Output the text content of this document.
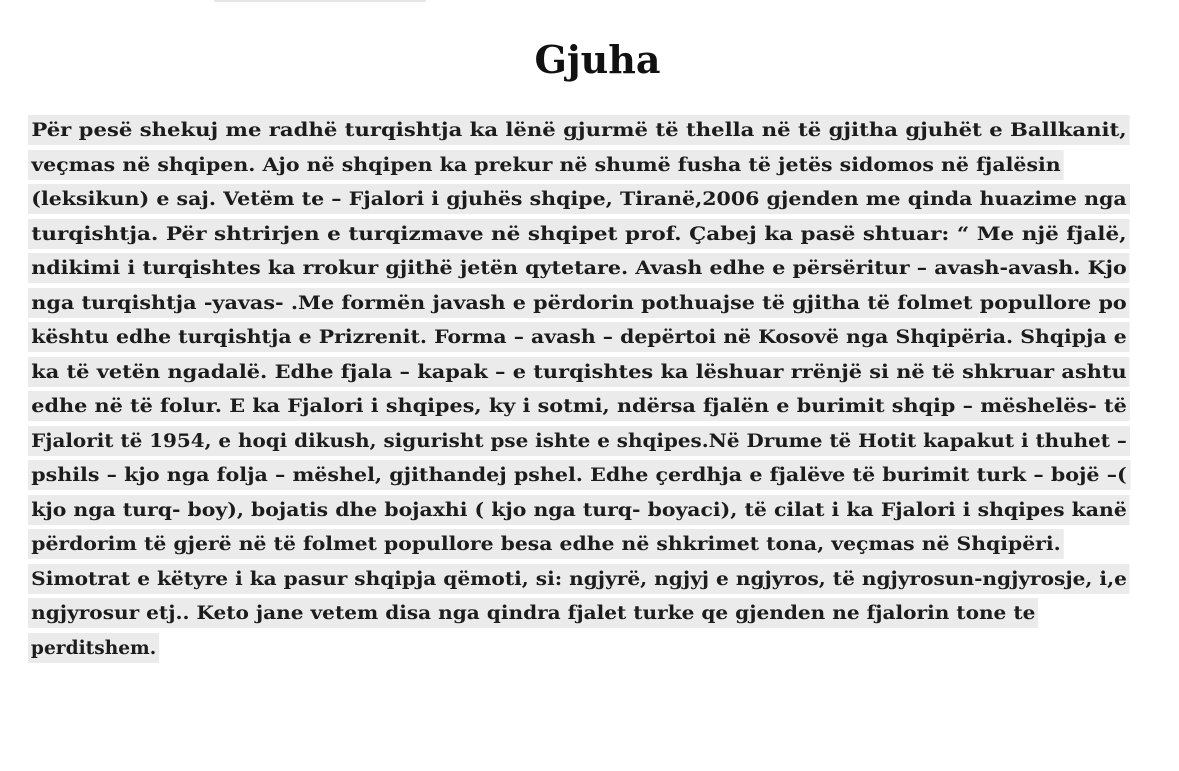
Gjuha
Për pesë shekuj me radhë turqishtja ka lënë gjurmë të thella në të gjitha gjuhët e Ballkanit,
veçmas në shqipen. Ajo në shqipen ka prekur në shumë fusha të jetës sidomos në fjalësin
(leksikun) e saj. Vetëm te – Fjalori i gjuhës shqipe, Tiranë,2006 gjenden me qinda huazime nga
turqishtja. Për shtrirjen e turqizmave në shqipet prof. Çabej ka pasë shtuar: “ Me një fjalë,
ndikimi i turqishtes ka rrokur gjithë jetën qytetare. Avash edhe e përsëritur – avash-avash. Kjo
nga turqishtja -yavas- .Me formën javash e përdorin pothuajse të gjitha të folmet popullore po
kështu edhe turqishtja e Prizrenit. Forma – avash – depërtoi në Kosovë nga Shqipëria. Shqipja e
ka të vetën ngadalë. Edhe fjala – kapak – e turqishtes ka lëshuar rrënjë si në të shkruar ashtu
edhe në të folur. E ka Fjalori i shqipes, ky i sotmi, ndërsa fjalën e burimit shqip – mëshelës- të
Fjalorit të 1954, e hoqi dikush, sigurisht pse ishte e shqipes.Në Drume të Hotit kapakut i thuhet –
pshils – kjo nga folja – mëshel, gjithandej pshel. Edhe çerdhja e fjalëve të burimit turk – bojë –(
kjo nga turq- boy), bojatis dhe bojaxhi ( kjo nga turq- boyaci), të cilat i ka Fjalori i shqipes kanë
përdorim të gjerë në të folmet popullore besa edhe në shkrimet tona, veçmas në Shqipëri.
Simotrat e këtyre i ka pasur shqipja qëmoti, si: ngjyrë, ngjyj e ngjyros, të ngjyrosun-ngjyrosje, i,e
ngjyrosur etj.. Keto jane vetem disa nga qindra fjalet turke qe gjenden ne fjalorin tone te
perditshem.
